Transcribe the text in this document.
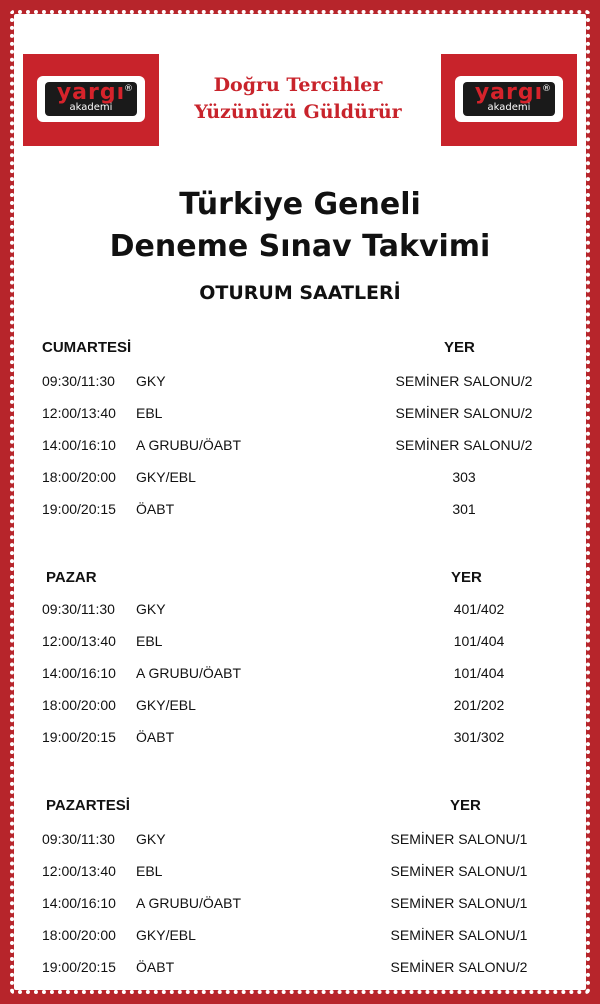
yargı
akademi
®	Doğru Tercihler
Yüzünüzü Güldürür
yargı
akademi
®
Türkiye Geneli
Deneme Sınav Takvimi
OTURUM SAATLERİ
CUMARTESİ	YER
09:30/11:30 GKY	SEMİNER SALONU/2
12:00/13:40 EBL	SEMİNER SALONU/2
14:00/16:10 A GRUBU/ÖABT	SEMİNER SALONU/2
18:00/20:00 GKY/EBL	303
19:00/20:15 ÖABT	301
PAZAR	YER
09:30/11:30 GKY	401/402
12:00/13:40 EBL	101/404
14:00/16:10 A GRUBU/ÖABT	101/404
18:00/20:00 GKY/EBL	201/202
19:00/20:15 ÖABT	301/302
PAZARTESİ	YER
09:30/11:30 GKY	SEMİNER SALONU/1
12:00/13:40 EBL	SEMİNER SALONU/1
14:00/16:10 A GRUBU/ÖABT	SEMİNER SALONU/1
18:00/20:00 GKY/EBL	SEMİNER SALONU/1
19:00/20:15 ÖABT	SEMİNER SALONU/2
